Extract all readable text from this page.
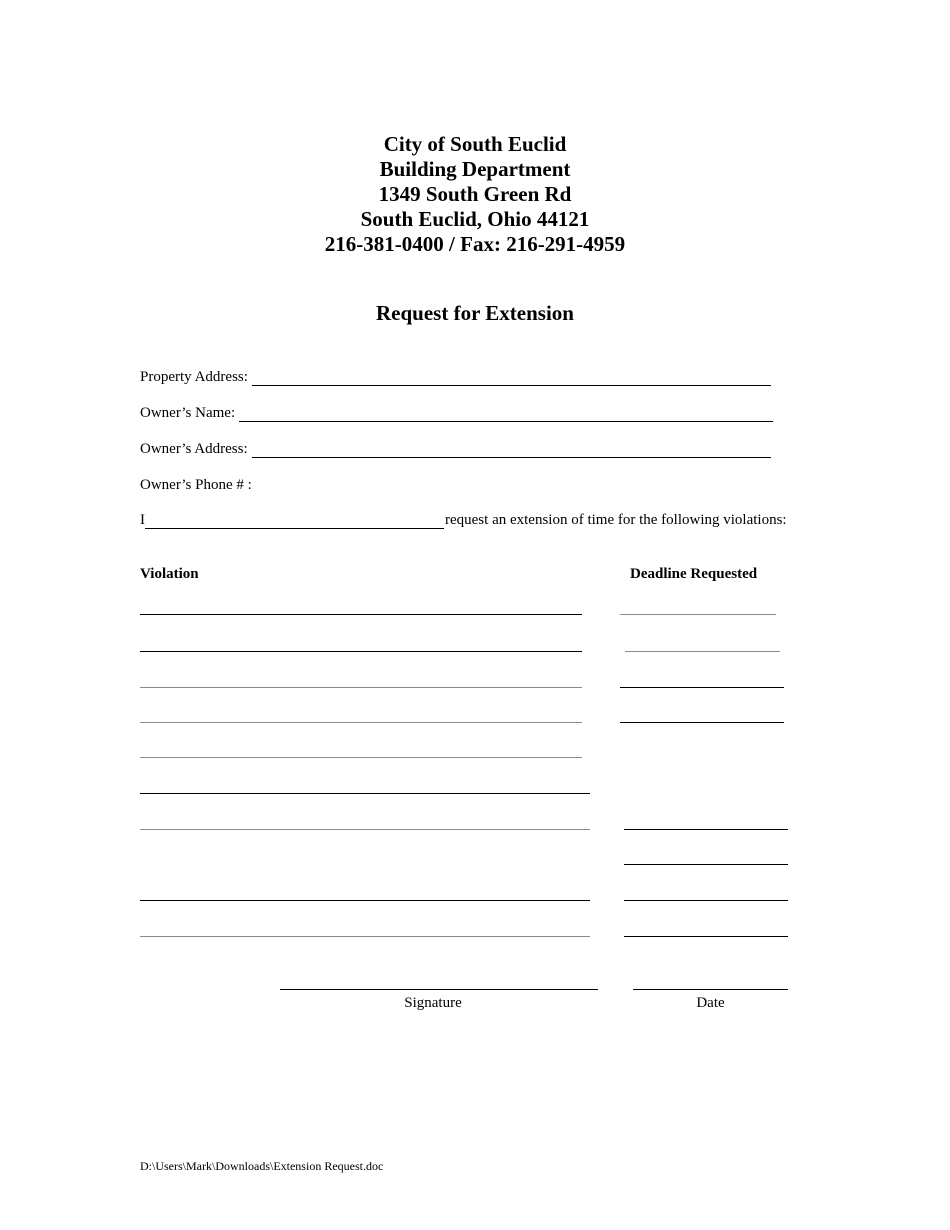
City of South Euclid
Building Department
1349 South Green Rd
South Euclid, Ohio 44121
216-381-0400 / Fax: 216-291-4959
Request for Extension
Property Address:
Owner’s Name:
Owner’s Address:
Owner’s Phone # :
I	request an extension of time for the following violations:
Violation	Deadline Requested
Signature	Date
D:\Users\Mark\Downloads\Extension Request.doc
